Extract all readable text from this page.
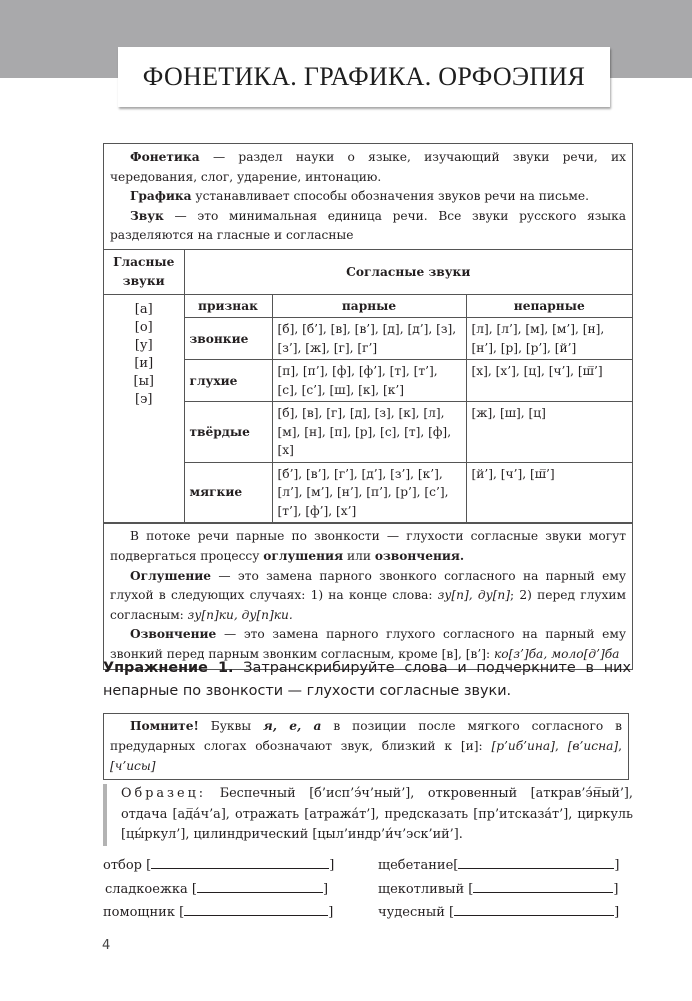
ФОНЕТИКА. ГРАФИКА. ОРФОЭПИЯ

Фонетика — раздел науки о языке, изучающий звуки речи, их чередования, слог, ударение, интонацию.

Графика устанавливает способы обозначения звуков речи на письме.

Звук — это минимальная единица речи. Все звуки русского языка разделяются на гласные и согласные

Гласные звуки	Согласные звуки		

[а]
[о]
[у]
[и]
[ы]
[э]
	признак	парные	непарные
	звонкие	[б], [б’], [в], [в’], [д], [д’], [з], [з’], [ж], [г], [г’]	[л], [л’], [м], [м’], [н], [н’], [р], [р’], [й’]
	глухие	[п], [п’], [ф], [ф’], [т], [т’], [с], [с’], [ш], [к], [к’]	[х], [х’], [ц], [ч’], [ш̅’]
	твёрдые	[б], [в], [г], [д], [з], [к], [л], [м], [н], [п], [р], [с], [т], [ф], [х]	[ж], [ш], [ц]
	мягкие	[б’], [в’], [г’], [д’], [з’], [к’], [л’], [м’], [н’], [п’], [р’], [с’], [т’], [ф’], [х’]	[й’], [ч’], [ш̅’]

В потоке речи парные по звонкости — глухости согласные звуки могут подвергаться процессу оглушения или озвончения.

Оглушение — это замена парного звонкого согласного на парный ему глухой в следующих случаях: 1) на конце слова: зу[п], ду[п]; 2) перед глухим согласным: зу[п]ки, ду[п]ки.

Озвончение — это замена парного глухого согласного на парный ему звонкий перед парным звонким согласным, кроме [в], [в’]: ко[з’]ба, моло[д’]ба

Упражнение 1. Затранскрибируйте слова и подчеркните в них непарные по звонкости — глухости согласные звуки.

Помните! Буквы я, е, а в позиции после мягкого согласного в предударных слогах обозначают звук, близкий к [и]: [р’иб’ина], [в’исна], [ч’исы]

Образец: Беспечный [б’исп’э́ч’ный’], откровенный [аткрав’э́н̅ый’], отдача [ад̅а́ч’а], отражать [атража́т’], предсказать [пр’итсказа́т’], циркуль [цы́ркул’], цилиндрический [цыл’индр’и́ч’эск’ий’].

отбор [	]
сладкоежка [	]
помощник [	]
щебетание[	]
щекотливый [	]
чудесный [	]
4
